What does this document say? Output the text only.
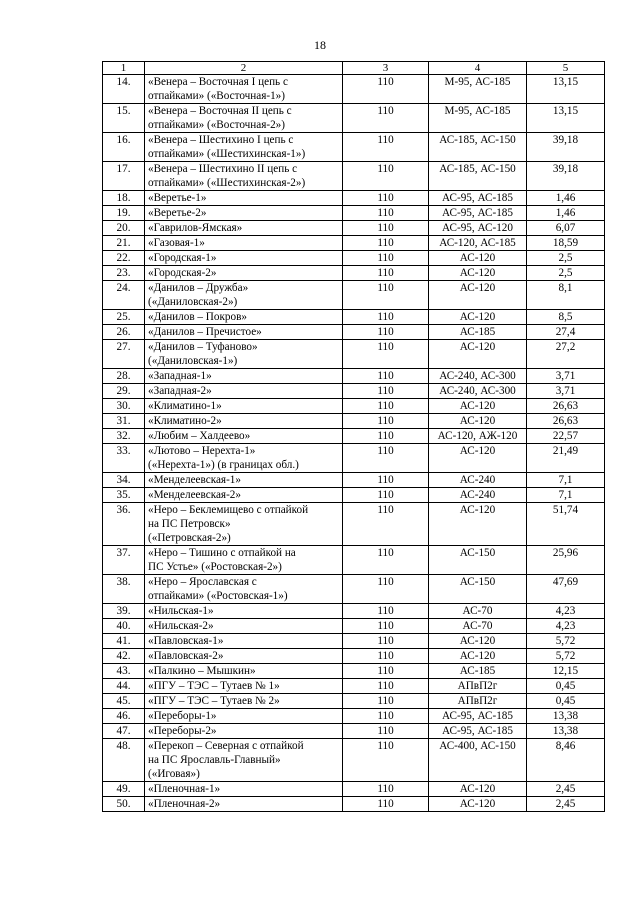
18
1	2	3	4	5
14.	«Венера – Восточная I цепь с
отпайками» («Восточная-1»)	110	М-95, АС-185	13,15
15.	«Венера – Восточная II цепь с
отпайками» («Восточная-2»)	110	М-95, АС-185	13,15
16.	«Венера – Шестихино I цепь с
отпайками» («Шестихинская-1»)	110	АС-185, АС-150	39,18
17.	«Венера – Шестихино II цепь с
отпайками» («Шестихинская-2»)	110	АС-185, АС-150	39,18
18.	«Веретье-1»	110	АС-95, АС-185	1,46
19.	«Веретье-2»	110	АС-95, АС-185	1,46
20.	«Гаврилов-Ямская»	110	АС-95, АС-120	6,07
21.	«Газовая-1»	110	АС-120, АС-185	18,59
22.	«Городская-1»	110	АС-120	2,5
23.	«Городская-2»	110	АС-120	2,5
24.	«Данилов – Дружба»
(«Даниловская-2»)	110	АС-120	8,1
25.	«Данилов – Покров»	110	АС-120	8,5
26.	«Данилов – Пречистое»	110	АС-185	27,4
27.	«Данилов – Туфаново»
(«Даниловская-1»)	110	АС-120	27,2
28.	«Западная-1»	110	АС-240, АС-300	3,71
29.	«Западная-2»	110	АС-240, АС-300	3,71
30.	«Климатино-1»	110	АС-120	26,63
31.	«Климатино-2»	110	АС-120	26,63
32.	«Любим – Халдеево»	110	АС-120, АЖ-120	22,57
33.	«Лютово – Нерехта-1»
(«Нерехта-1») (в границах обл.)	110	АС-120	21,49
34.	«Менделеевская-1»	110	АС-240	7,1
35.	«Менделеевская-2»	110	АС-240	7,1
36.	«Нерο – Беклемищево с отпайкой
на ПС Петровск»
(«Петровская-2»)	110	АС-120	51,74
37.	«Неро – Тишино с отпайкой на
ПС Устье» («Ростовская-2»)	110	АС-150	25,96
38.	«Неро – Ярославская с
отпайками» («Ростовская-1»)	110	АС-150	47,69
39.	«Нильская-1»	110	АС-70	4,23
40.	«Нильская-2»	110	АС-70	4,23
41.	«Павловская-1»	110	АС-120	5,72
42.	«Павловская-2»	110	АС-120	5,72
43.	«Палкино – Мышкин»	110	АС-185	12,15
44.	«ПГУ – ТЭС – Тутаев № 1»	110	АПвП2г	0,45
45.	«ПГУ – ТЭС – Тутаев № 2»	110	АПвП2г	0,45
46.	«Переборы-1»	110	АС-95, АС-185	13,38
47.	«Переборы-2»	110	АС-95, АС-185	13,38
48.	«Перекоп – Северная с отпайкой
на ПС Ярославль-Главный»
(«Иговая»)	110	АС-400, АС-150	8,46
49.	«Пленочная-1»	110	АС-120	2,45
50.	«Пленочная-2»	110	АС-120	2,45
